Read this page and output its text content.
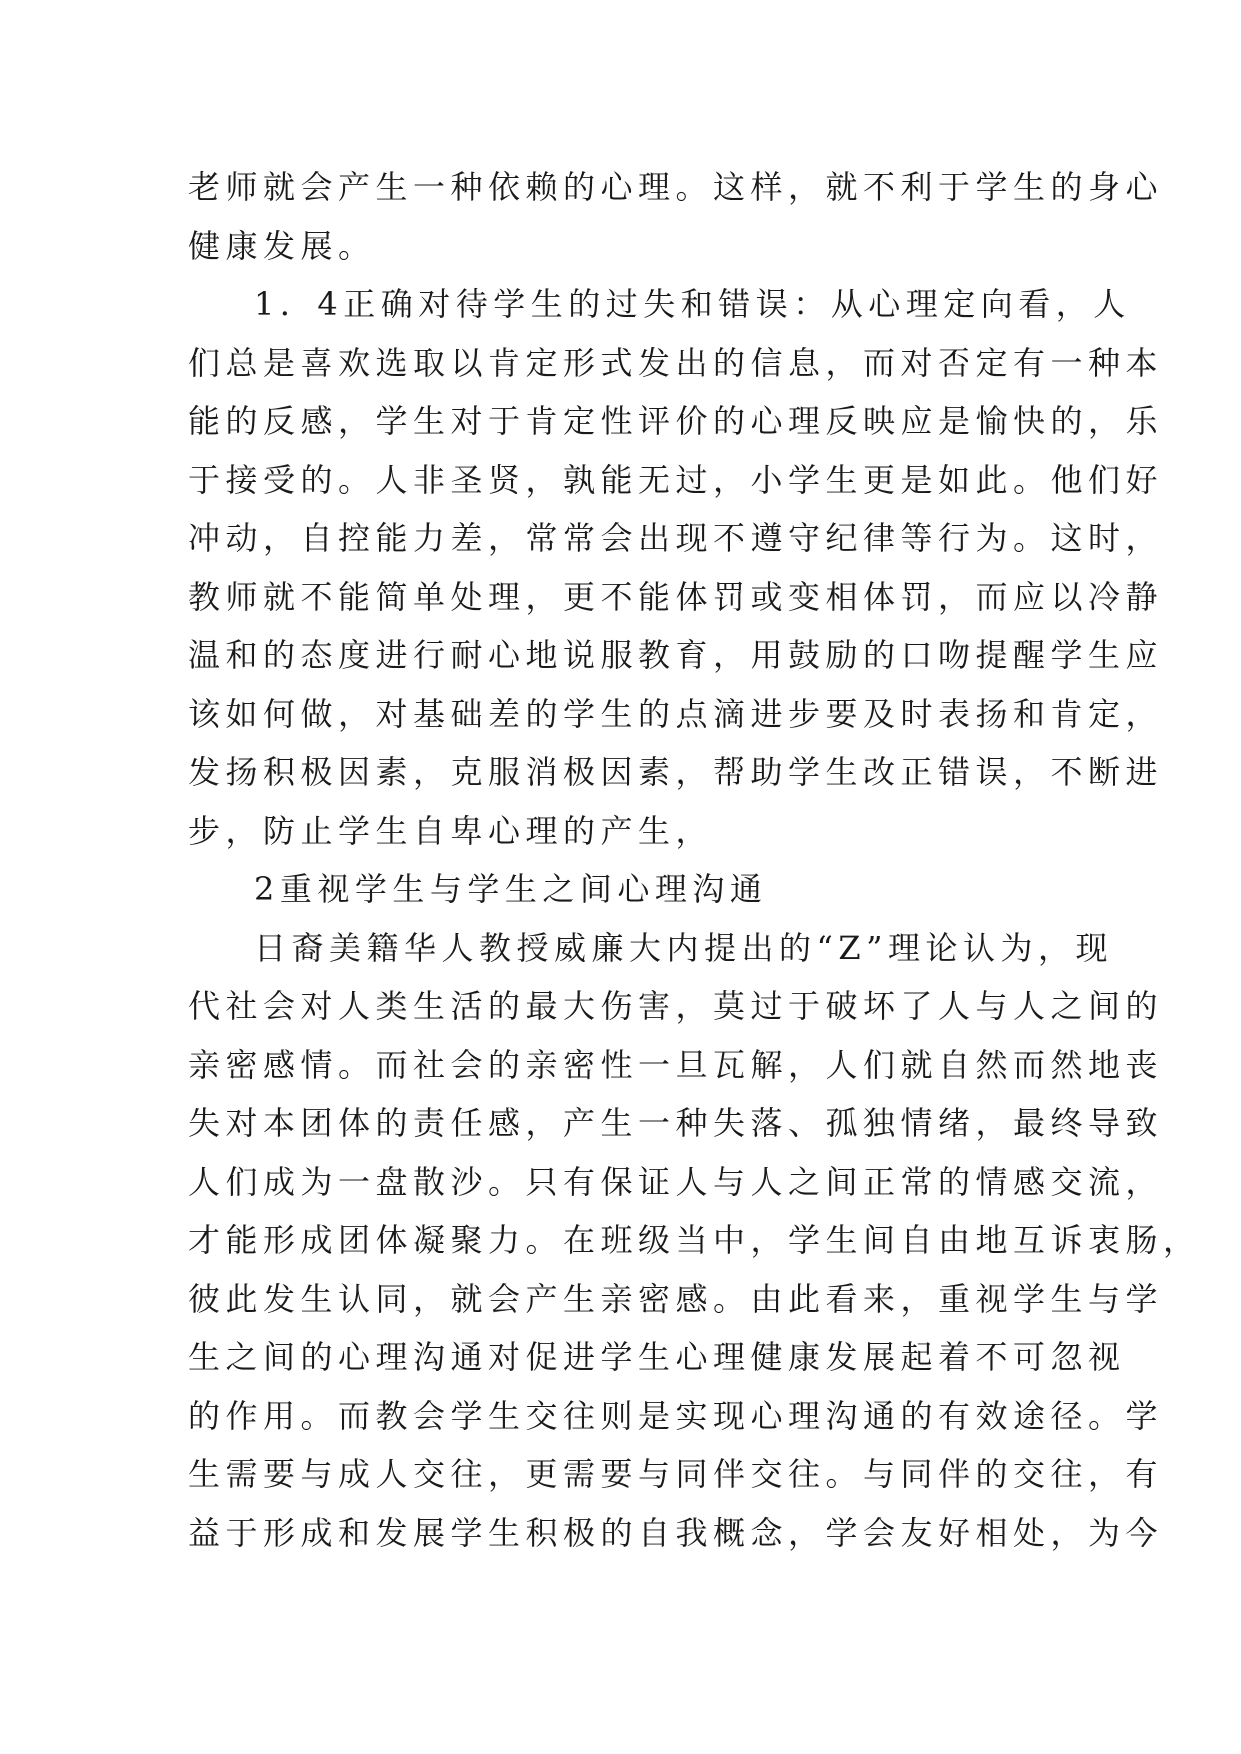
老师就会产生一种依赖的心理。这样，就不利于学生的身心
健康发展。
1．4正确对待学生的过失和错误：从心理定向看，人
们总是喜欢选取以肯定形式发出的信息，而对否定有一种本
能的反感，学生对于肯定性评价的心理反映应是愉快的，乐
于接受的。人非圣贤，孰能无过，小学生更是如此。他们好
冲动，自控能力差，常常会出现不遵守纪律等行为。这时，
教师就不能简单处理，更不能体罚或变相体罚，而应以冷静
温和的态度进行耐心地说服教育，用鼓励的口吻提醒学生应
该如何做，对基础差的学生的点滴进步要及时表扬和肯定，
发扬积极因素，克服消极因素，帮助学生改正错误，不断进
步，防止学生自卑心理的产生，
2重视学生与学生之间心理沟通
日裔美籍华人教授威廉大内提出的“Z”理论认为，现
代社会对人类生活的最大伤害，莫过于破坏了人与人之间的
亲密感情。而社会的亲密性一旦瓦解，人们就自然而然地丧
失对本团体的责任感，产生一种失落、孤独情绪，最终导致
人们成为一盘散沙。只有保证人与人之间正常的情感交流，
才能形成团体凝聚力。在班级当中，学生间自由地互诉衷肠，
彼此发生认同，就会产生亲密感。由此看来，重视学生与学
生之间的心理沟通对促进学生心理健康发展起着不可忽视
的作用。而教会学生交往则是实现心理沟通的有效途径。学
生需要与成人交往，更需要与同伴交往。与同伴的交往，有
益于形成和发展学生积极的自我概念，学会友好相处，为今
